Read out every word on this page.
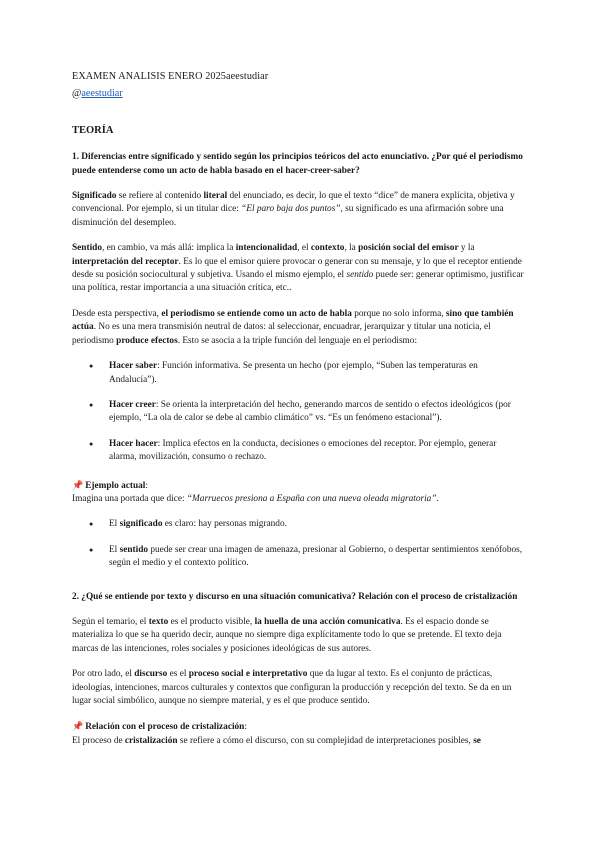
EXAMEN ANALISIS ENERO 2025aeestudiar
@aeestudiar
TEORÍA

1. Diferencias entre significado y sentido según los principios teóricos del acto enunciativo. ¿Por qué el periodismo puede entenderse como un acto de habla basado en el hacer-creer-saber?

Significado se refiere al contenido literal del enunciado, es decir, lo que el texto “dice” de manera explícita, objetiva y convencional. Por ejemplo, si un titular dice: “El paro baja dos puntos”, su significado es una afirmación sobre una disminución del desempleo.

Sentido, en cambio, va más allá: implica la intencionalidad, el contexto, la posición social del emisor y la interpretación del receptor. Es lo que el emisor quiere provocar o generar con su mensaje, y lo que el receptor entiende desde su posición sociocultural y subjetiva. Usando el mismo ejemplo, el sentido puede ser: generar optimismo, justificar una política, restar importancia a una situación crítica, etc..

Desde esta perspectiva, el periodismo se entiende como un acto de habla porque no solo informa, sino que también actúa. No es una mera transmisión neutral de datos: al seleccionar, encuadrar, jerarquizar y titular una noticia, el periodismo produce efectos. Esto se asocia a la triple función del lenguaje en el periodismo:

● Hacer saber: Función informativa. Se presenta un hecho (por ejemplo, “Suben las temperaturas en Andalucía”).
● Hacer creer: Se orienta la interpretación del hecho, generando marcos de sentido o efectos ideológicos (por ejemplo, “La ola de calor se debe al cambio climático” vs. “Es un fenómeno estacional”).
● Hacer hacer: Implica efectos en la conducta, decisiones o emociones del receptor. Por ejemplo, generar alarma, movilización, consumo o rechazo.

📌 Ejemplo actual:

Imagina una portada que dice: “Marruecos presiona a España con una nueva oleada migratoria”.

● El significado es claro: hay personas migrando.
● El sentido puede ser crear una imagen de amenaza, presionar al Gobierno, o despertar sentimientos xenófobos, según el medio y el contexto político.

2. ¿Qué se entiende por texto y discurso en una situación comunicativa? Relación con el proceso de cristalización

Según el temario, el texto es el producto visible, la huella de una acción comunicativa. Es el espacio donde se materializa lo que se ha querido decir, aunque no siempre diga explícitamente todo lo que se pretende. El texto deja marcas de las intenciones, roles sociales y posiciones ideológicas de sus autores.

Por otro lado, el discurso es el proceso social e interpretativo que da lugar al texto. Es el conjunto de prácticas, ideologías, intenciones, marcos culturales y contextos que configuran la producción y recepción del texto. Se da en un lugar social simbólico, aunque no siempre material, y es el que produce sentido.

📌 Relación con el proceso de cristalización:

El proceso de cristalización se refiere a cómo el discurso, con su complejidad de interpretaciones posibles, se
